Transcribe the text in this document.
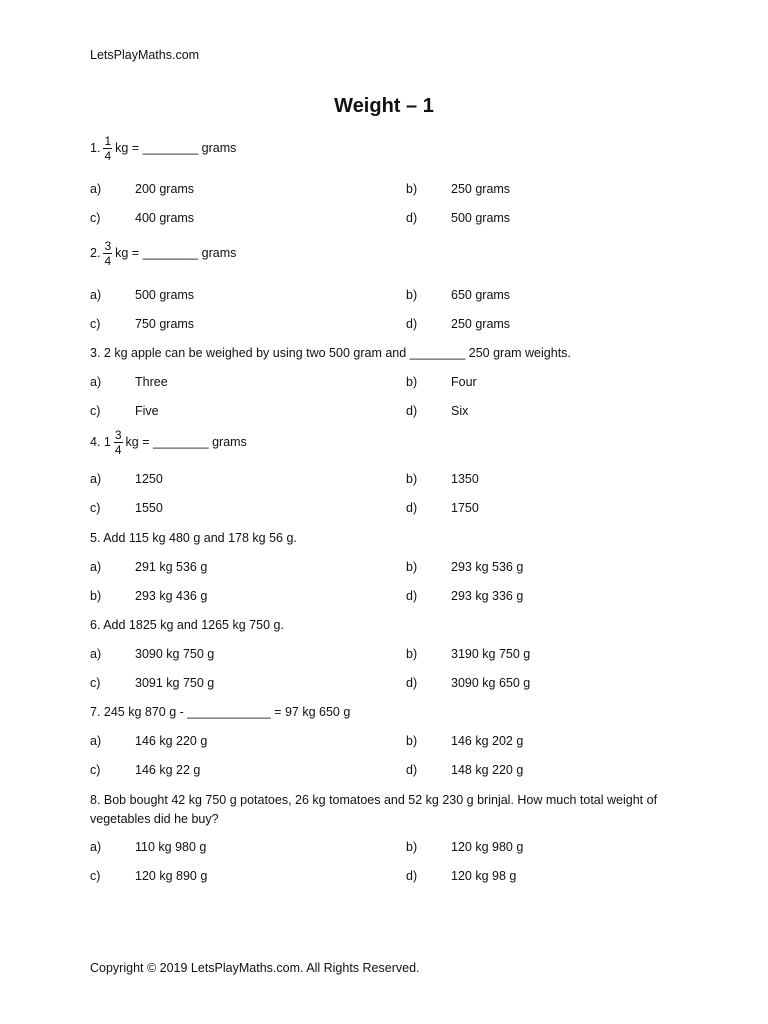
LetsPlayMaths.com
Weight – 1
1. $\frac{1}{4}$ kg = ________ grams
a)	200 grams	b)	250 grams
c)	400 grams	d)	500 grams
2. $\frac{3}{4}$ kg = ________ grams
a)	500 grams	b)	650 grams
c)	750 grams	d)	250 grams
3. 2 kg apple can be weighed by using two 500 gram and ________ 250 gram weights.
a)	Three	b)	Four
c)	Five	d)	Six
4. $1 \frac{3}{4}$ kg = ________ grams
a)	1250	b)	1350
c)	1550	d)	1750
5. Add 115 kg 480 g and 178 kg 56 g.
a)	291 kg 536 g	b)	293 kg 536 g
b)	293 kg 436 g	d)	293 kg 336 g
6. Add 1825 kg and 1265 kg 750 g.
a)	3090 kg 750 g	b)	3190 kg 750 g
c)	3091 kg 750 g	d)	3090 kg 650 g
7. 245 kg 870 g - ____________ = 97 kg 650 g
a)	146 kg 220 g	b)	146 kg 202 g
c)	146 kg 22 g	d)	148 kg 220 g
8. Bob bought 42 kg 750 g potatoes, 26 kg tomatoes and 52 kg 230 g brinjal. How much total weight of vegetables did he buy?
a)	110 kg 980 g	b)	120 kg 980 g
c)	120 kg 890 g	d)	120 kg 98 g
Copyright © 2019 LetsPlayMaths.com. All Rights Reserved.
